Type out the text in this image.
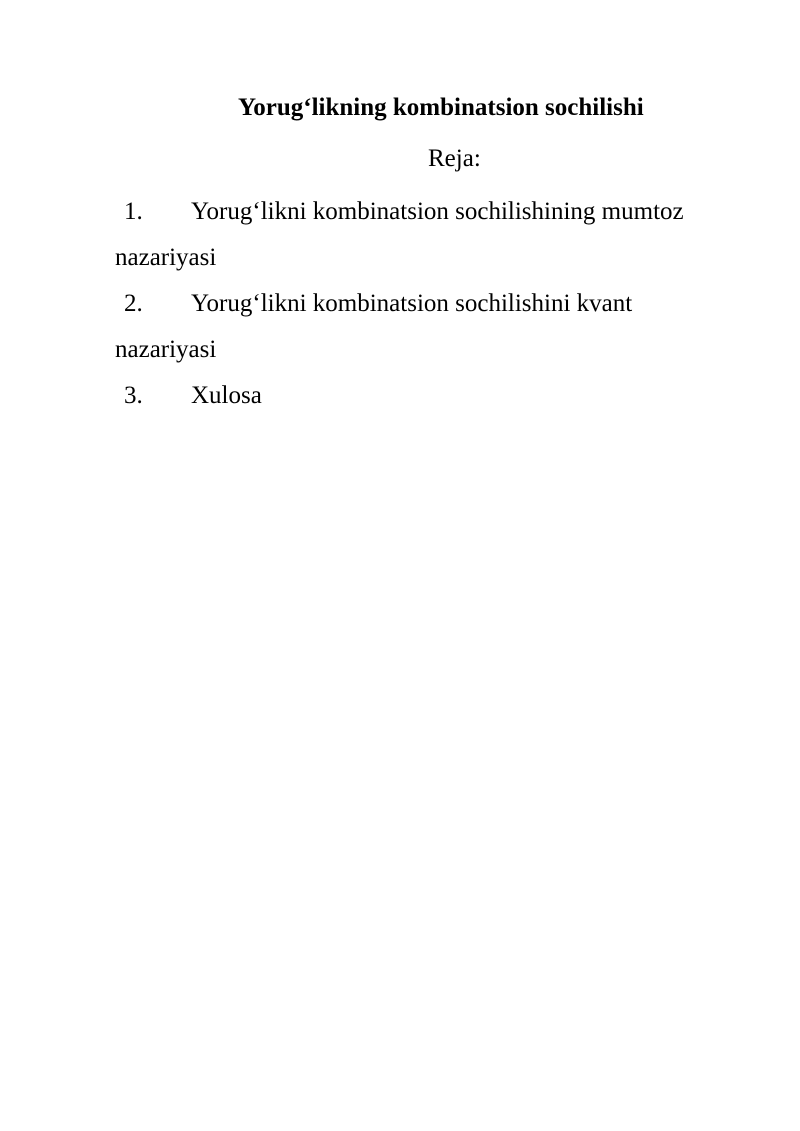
Yorug‘likning kombinatsion sochilishi
Reja:
1. Yorug‘likni kombinatsion sochilishining mumtoz
nazariyasi
2. Yorug‘likni kombinatsion sochilishini kvant
nazariyasi
3. Xulosa
